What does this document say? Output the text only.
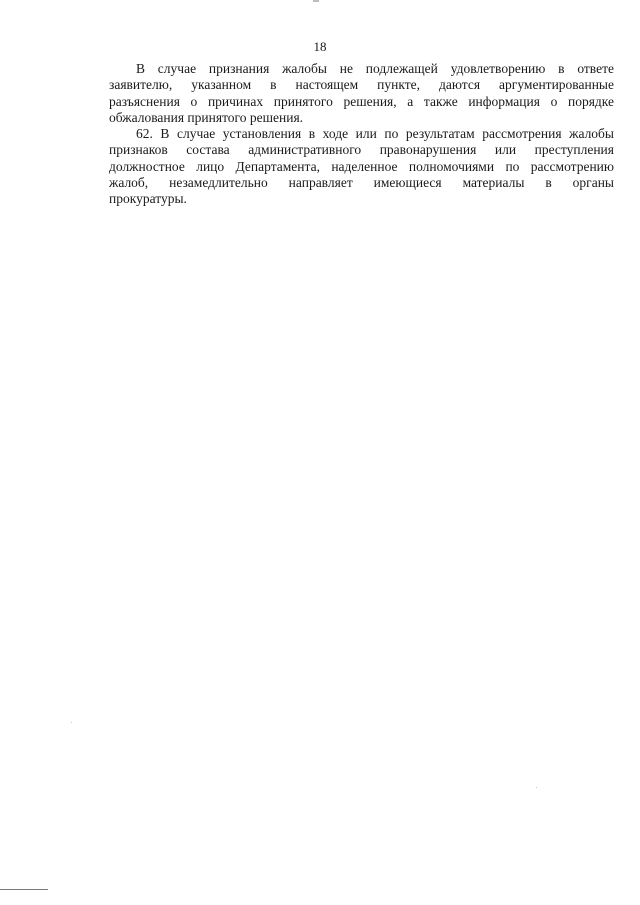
18

В случае признания жалобы не подлежащей удовлетворению в ответе
заявителю, указанном в настоящем пункте, даются аргументированные
разъяснения о причинах принятого решения, а также информация о порядке
обжалования принятого решения.

62. В случае установления в ходе или по результатам рассмотрения жалобы
признаков состава административного правонарушения или преступления
должностное лицо Департамента, наделенное полномочиями по рассмотрению
жалоб, незамедлительно направляет имеющиеся материалы в органы
прокуратуры.
